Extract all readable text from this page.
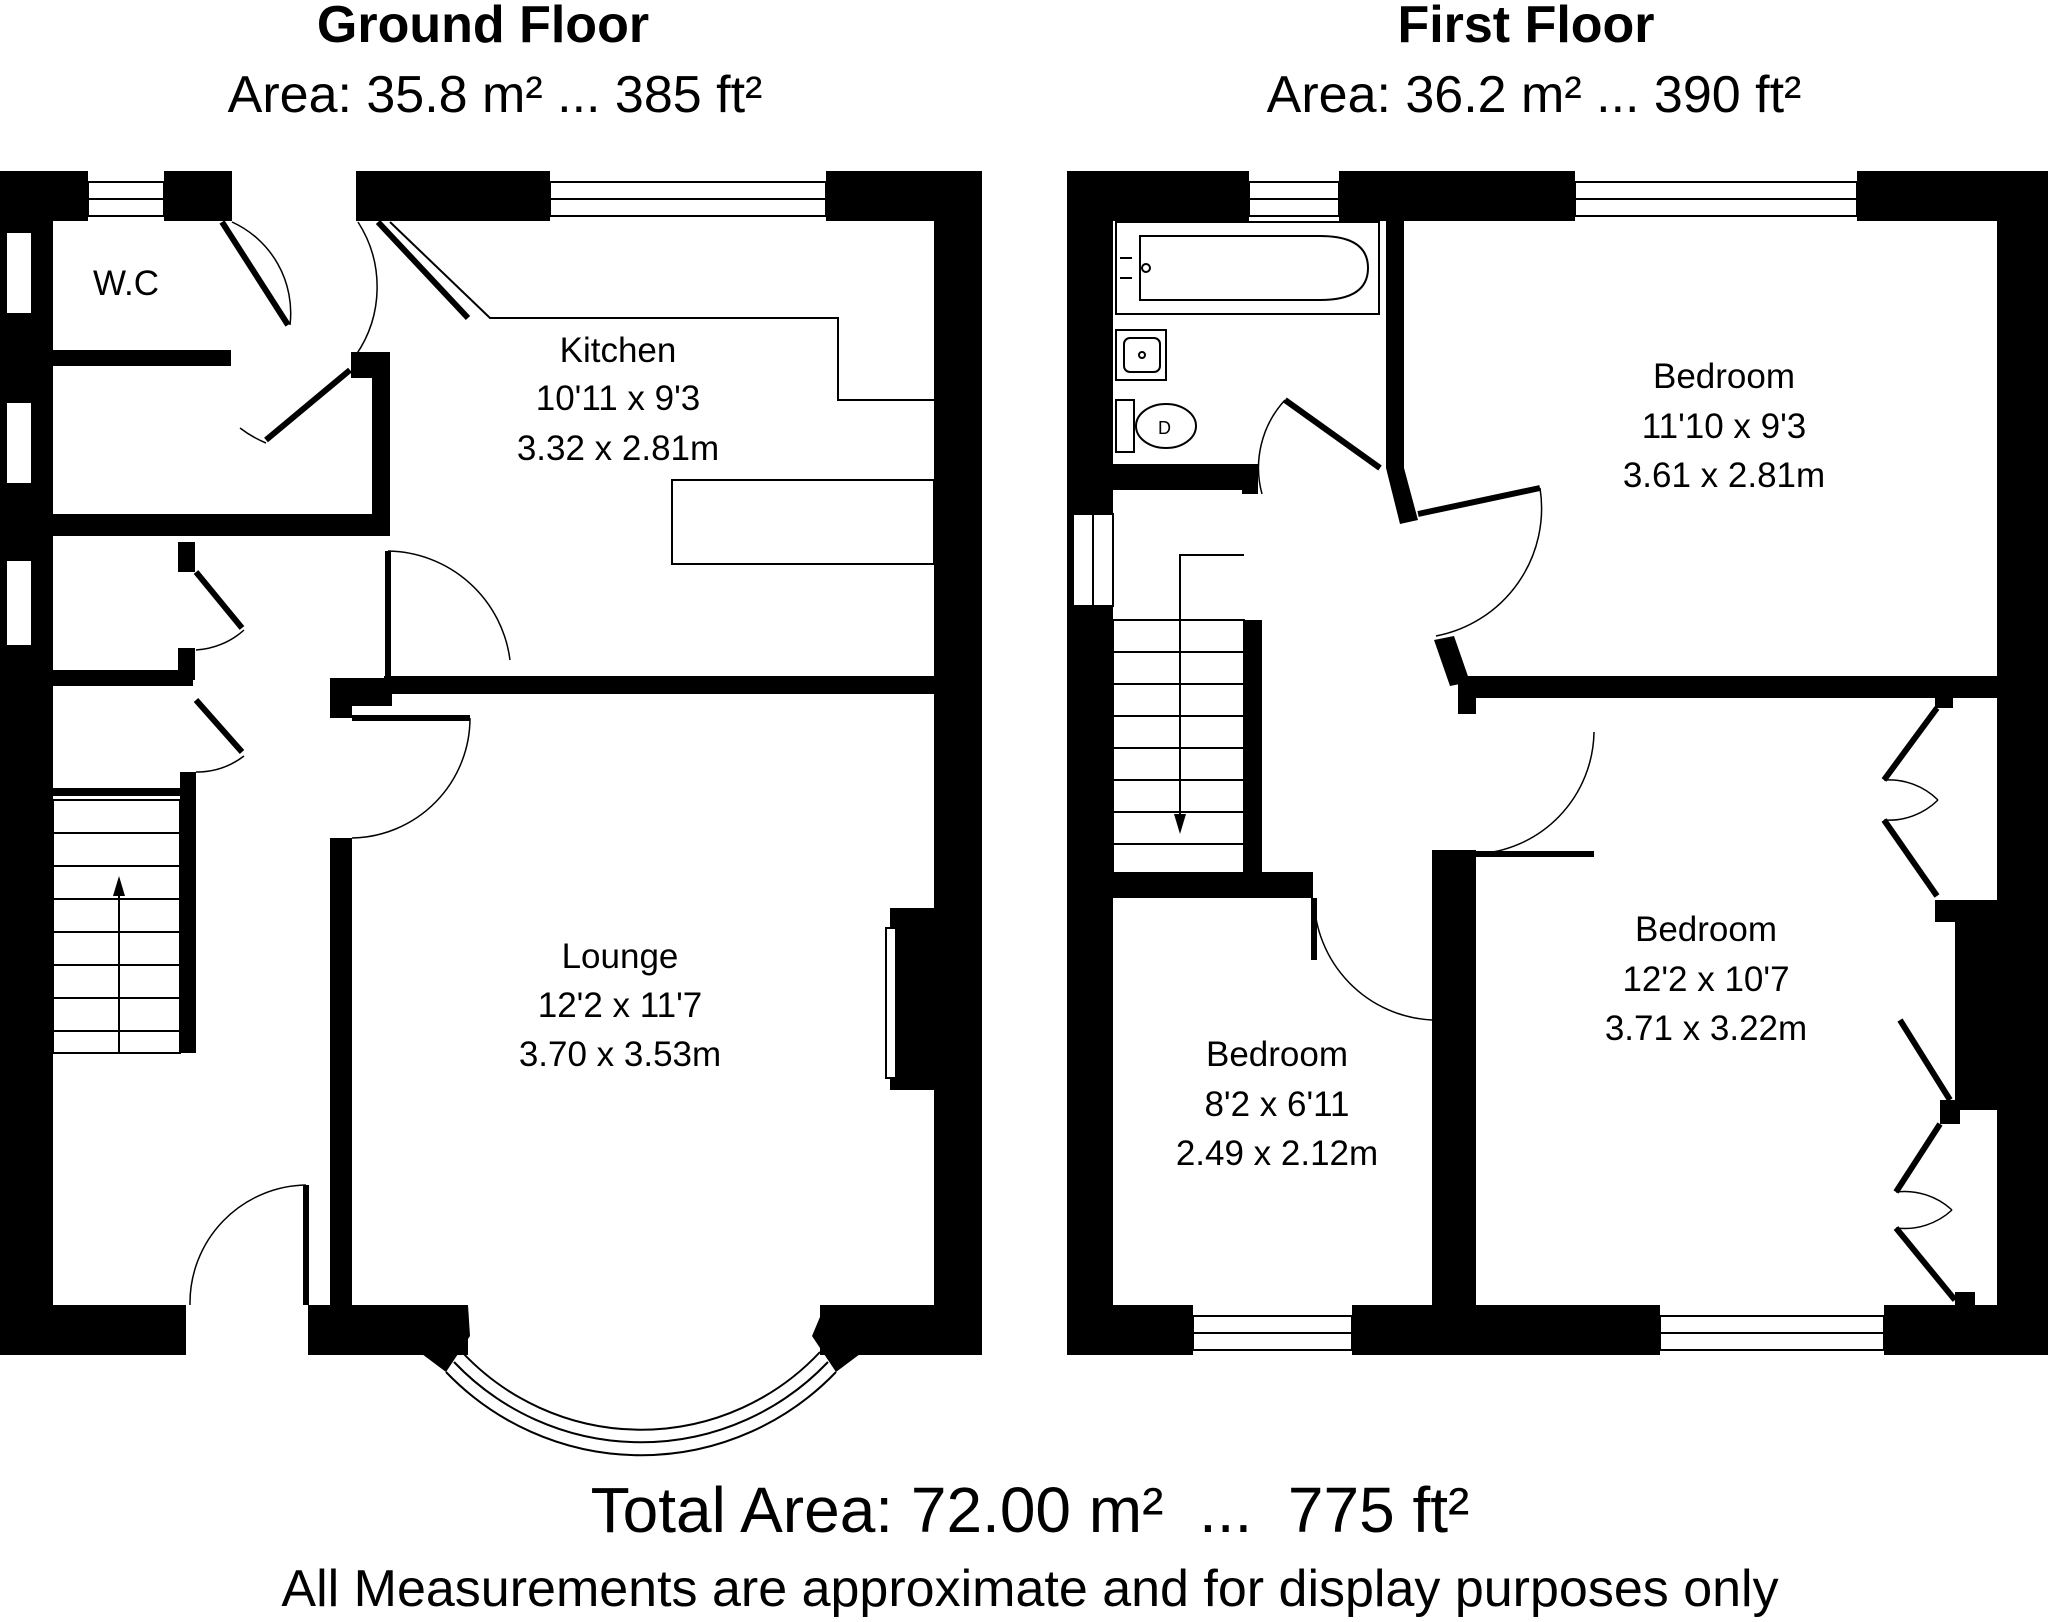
Ground Floor
Area: 35.8 m² ... 385 ft²
First Floor
Area: 36.2 m² ... 390 ft²
W.C
Kitchen
10'11 x 9'3
3.32 x 2.81m
Lounge
12'2 x 11'7
3.70 x 3.53m
D
Bedroom
11'10 x 9'3
3.61 x 2.81m
Bedroom
12'2 x 10'7
3.71 x 3.22m
Bedroom
8'2 x 6'11
2.49 x 2.12m
Total Area: 72.00 m²  ...  775 ft²
All Measurements are approximate and for display purposes only
